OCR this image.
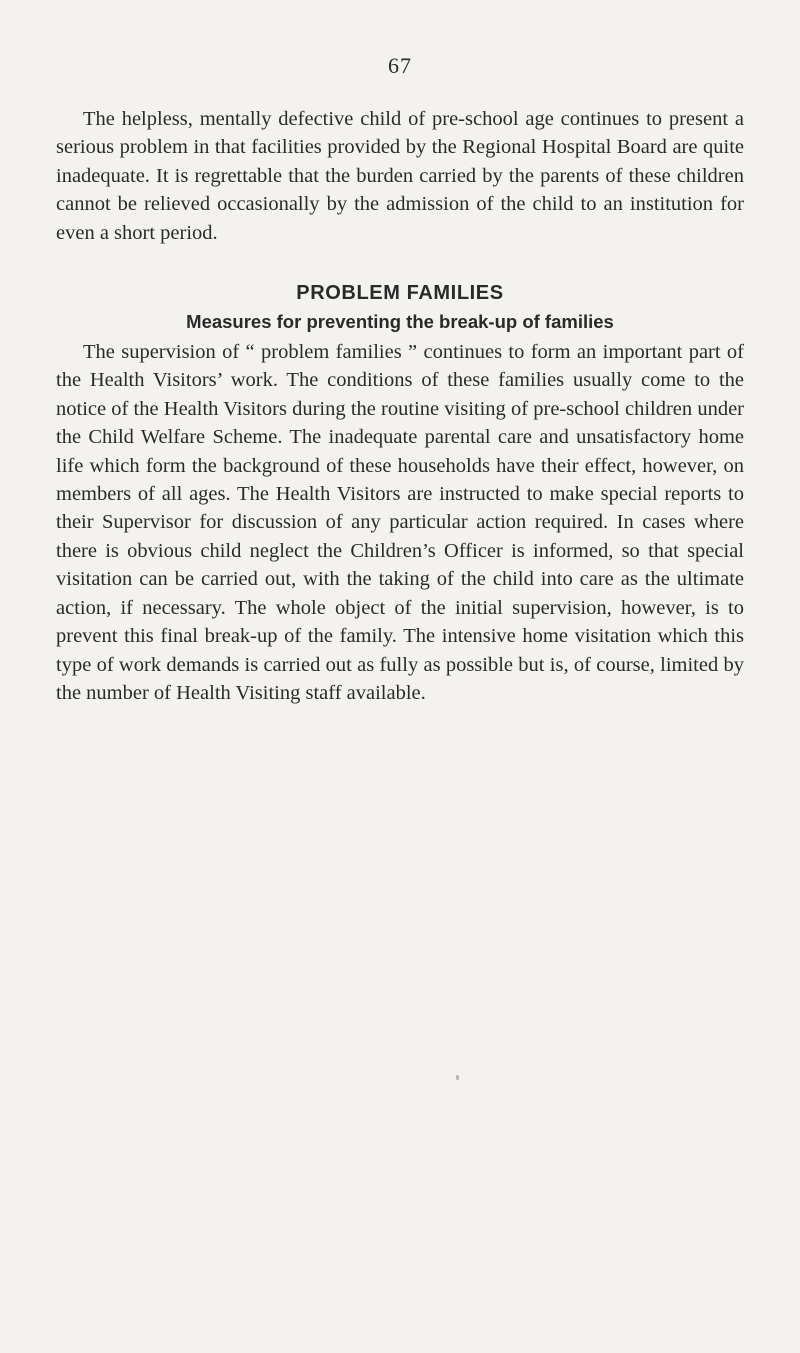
67

The helpless, mentally defective child of pre-school age continues to present a serious problem in that facilities provided by the Regional Hospital Board are quite inadequate. It is regrettable that the burden carried by the parents of these children cannot be relieved occasionally by the admission of the child to an institution for even a short period.

PROBLEM FAMILIES
Measures for preventing the break-up of families

The supervision of “ problem families ” continues to form an important part of the Health Visitors’ work. The conditions of these families usually come to the notice of the Health Visitors during the routine visiting of pre-school children under the Child Welfare Scheme. The inadequate parental care and unsatisfactory home life which form the background of these households have their effect, however, on members of all ages. The Health Visitors are instructed to make special reports to their Supervisor for discussion of any particular action required. In cases where there is obvious child neglect the Children’s Officer is informed, so that special visitation can be carried out, with the taking of the child into care as the ultimate action, if necessary. The whole object of the initial supervision, however, is to prevent this final break-up of the family. The intensive home visitation which this type of work demands is carried out as fully as possible but is, of course, limited by the number of Health Visiting staff available.
